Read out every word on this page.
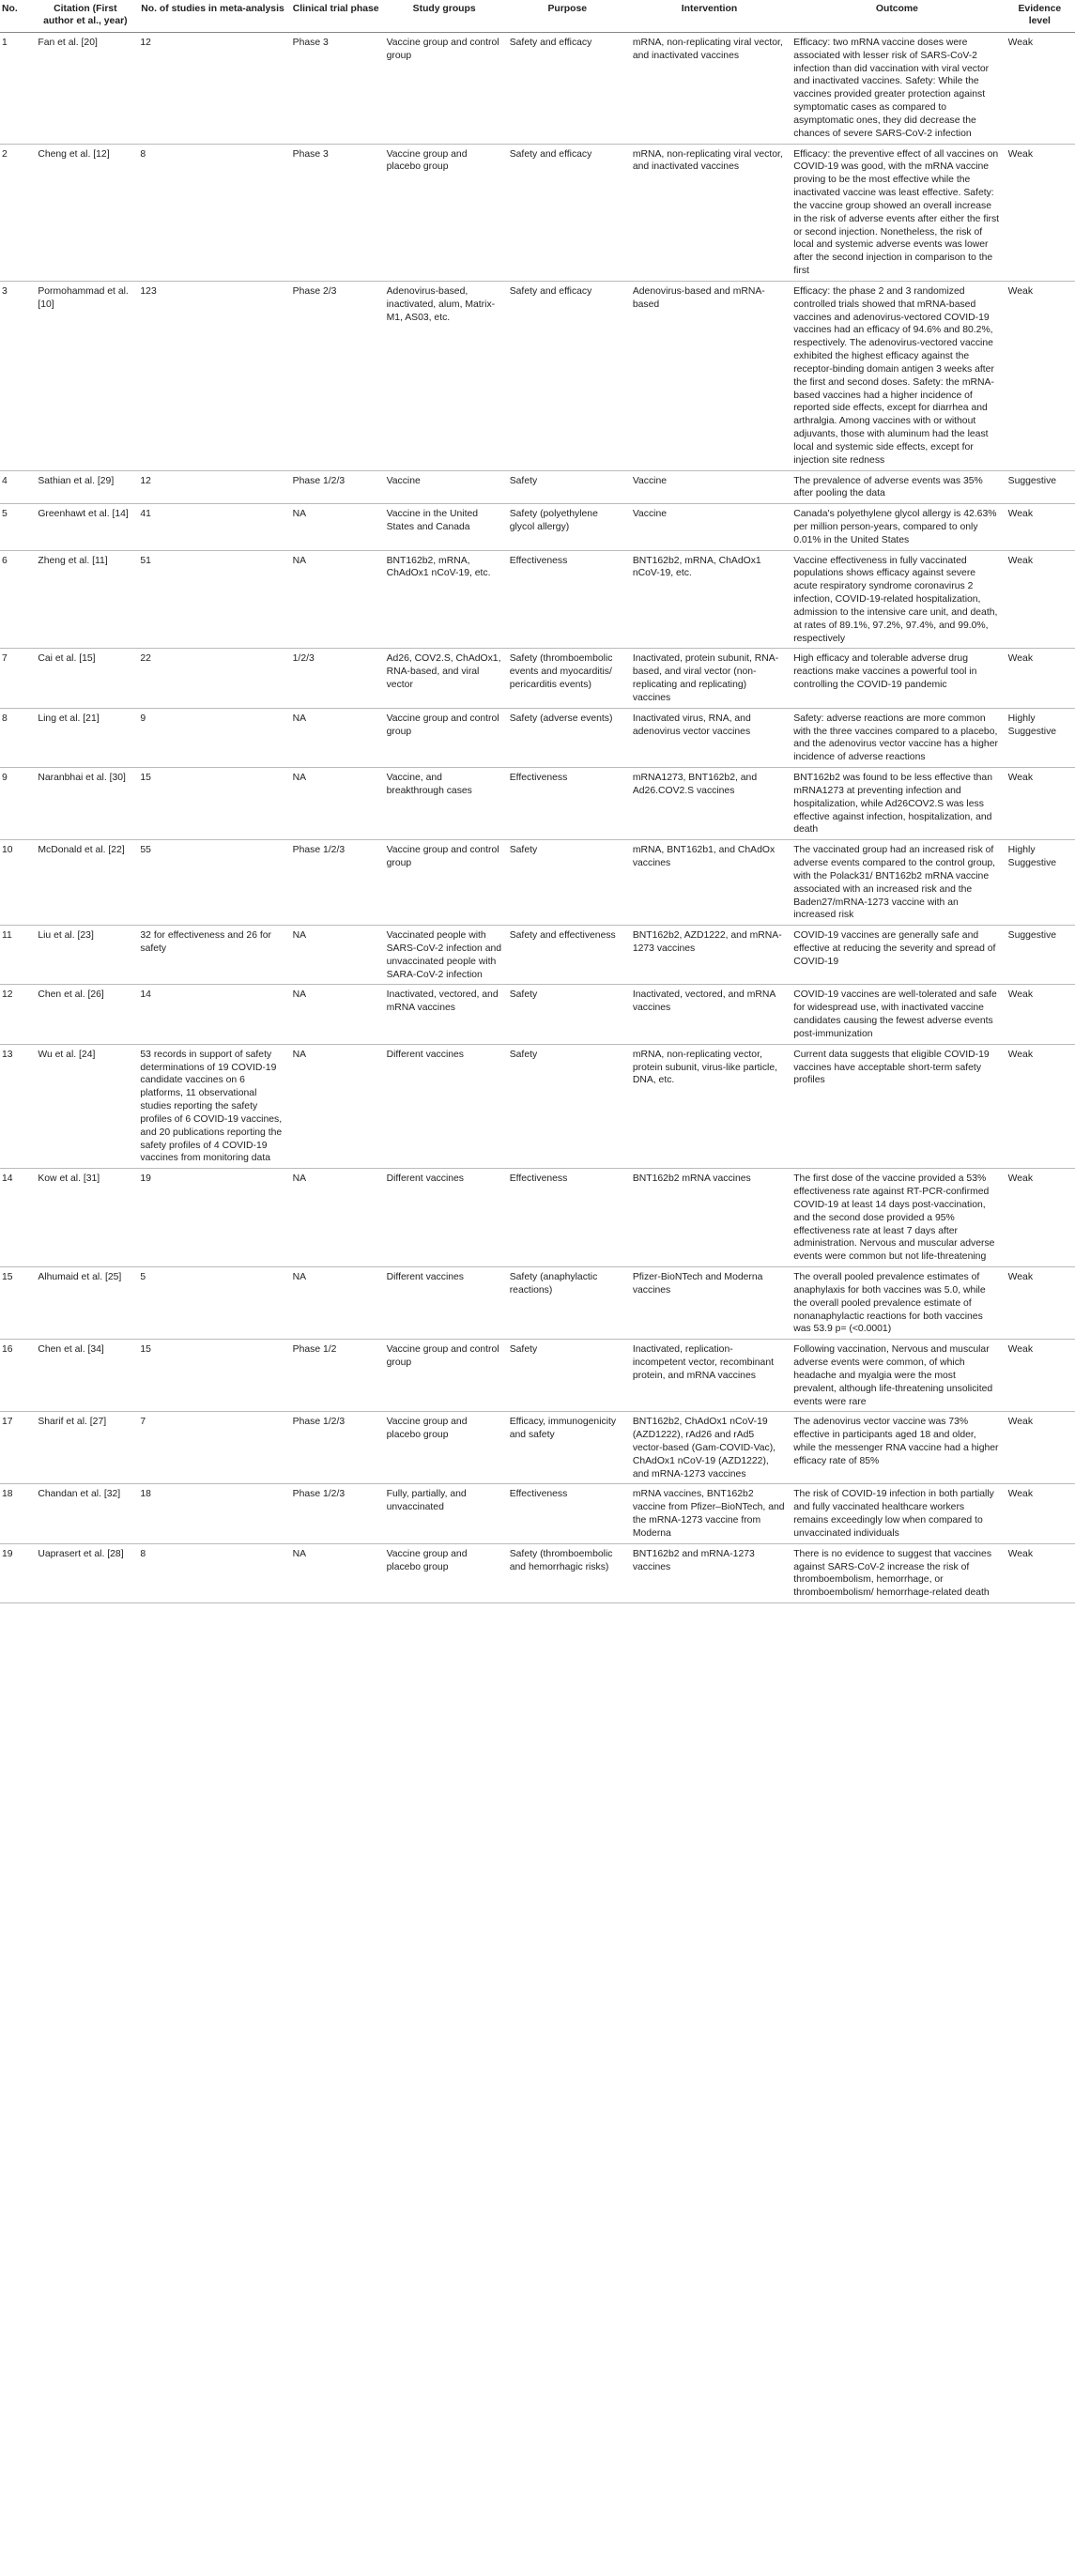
No.	Citation (First author et al., year)	No. of studies in meta-analysis	Clinical trial phase	Study groups	Purpose	Intervention	Outcome	Evidence level
1	Fan et al. [20]	12	Phase 3	Vaccine group and control group	Safety and efficacy	mRNA, non-replicating viral vector, and inactivated vaccines	Efficacy: two mRNA vaccine doses were associated with lesser risk of SARS-CoV-2 infection than did vaccination with viral vector and inactivated vaccines. Safety: While the vaccines provided greater protection against symptomatic cases as compared to asymptomatic ones, they did decrease the chances of severe SARS-CoV-2 infection	Weak
2	Cheng et al. [12]	8	Phase 3	Vaccine group and placebo group	Safety and efficacy	mRNA, non-replicating viral vector, and inactivated vaccines	Efficacy: the preventive effect of all vaccines on COVID-19 was good, with the mRNA vaccine proving to be the most effective while the inactivated vaccine was least effective. Safety: the vaccine group showed an overall increase in the risk of adverse events after either the first or second injection. Nonetheless, the risk of local and systemic adverse events was lower after the second injection in comparison to the first	Weak
3	Pormohammad et al. [10]	123	Phase 2/3	Adenovirus-based, inactivated, alum, Matrix-M1, AS03, etc.	Safety and efficacy	Adenovirus-based and mRNA-based	Efficacy: the phase 2 and 3 randomized controlled trials showed that mRNA-based vaccines and adenovirus-vectored COVID-19 vaccines had an efficacy of 94.6% and 80.2%, respectively. The adenovirus-vectored vaccine exhibited the highest efficacy against the receptor-binding domain antigen 3 weeks after the first and second doses. Safety: the mRNA-based vaccines had a higher incidence of reported side effects, except for diarrhea and arthralgia. Among vaccines with or without adjuvants, those with aluminum had the least local and systemic side effects, except for injection site redness	Weak
4	Sathian et al. [29]	12	Phase 1/2/3	Vaccine	Safety	Vaccine	The prevalence of adverse events was 35% after pooling the data	Suggestive
5	Greenhawt et al. [14]	41	NA	Vaccine in the United States and Canada	Safety (polyethylene glycol allergy)	Vaccine	Canada's polyethylene glycol allergy is 42.63% per million person-years, compared to only 0.01% in the United States	Weak
6	Zheng et al. [11]	51	NA	BNT162b2, mRNA, ChAdOx1 nCoV-19, etc.	Effectiveness	BNT162b2, mRNA, ChAdOx1 nCoV-19, etc.	Vaccine effectiveness in fully vaccinated populations shows efficacy against severe acute respiratory syndrome coronavirus 2 infection, COVID-19-related hospitalization, admission to the intensive care unit, and death, at rates of 89.1%, 97.2%, 97.4%, and 99.0%, respectively	Weak
7	Cai et al. [15]	22	1/2/3	Ad26, COV2.S, ChAdOx1, RNA-based, and viral vector	Safety (thromboembolic events and myocarditis/ pericarditis events)	Inactivated, protein subunit, RNA-based, and viral vector (non-replicating and replicating) vaccines	High efficacy and tolerable adverse drug reactions make vaccines a powerful tool in controlling the COVID-19 pandemic	Weak
8	Ling et al. [21]	9	NA	Vaccine group and control group	Safety (adverse events)	Inactivated virus, RNA, and adenovirus vector vaccines	Safety: adverse reactions are more common with the three vaccines compared to a placebo, and the adenovirus vector vaccine has a higher incidence of adverse reactions	Highly Suggestive
9	Naranbhai et al. [30]	15	NA	Vaccine, and breakthrough cases	Effectiveness	mRNA1273, BNT162b2, and Ad26.COV2.S vaccines	BNT162b2 was found to be less effective than mRNA1273 at preventing infection and hospitalization, while Ad26COV2.S was less effective against infection, hospitalization, and death	Weak
10	McDonald et al. [22]	55	Phase 1/2/3	Vaccine group and control group	Safety	mRNA, BNT162b1, and ChAdOx vaccines	The vaccinated group had an increased risk of adverse events compared to the control group, with the Polack31/ BNT162b2 mRNA vaccine associated with an increased risk and the Baden27/mRNA-1273 vaccine with an increased risk	Highly Suggestive
11	Liu et al. [23]	32 for effectiveness and 26 for safety	NA	Vaccinated people with SARS-CoV-2 infection and unvaccinated people with SARA-CoV-2 infection	Safety and effectiveness	BNT162b2, AZD1222, and mRNA-1273 vaccines	COVID-19 vaccines are generally safe and effective at reducing the severity and spread of COVID-19	Suggestive
12	Chen et al. [26]	14	NA	Inactivated, vectored, and mRNA vaccines	Safety	Inactivated, vectored, and mRNA vaccines	COVID-19 vaccines are well-tolerated and safe for widespread use, with inactivated vaccine candidates causing the fewest adverse events post-immunization	Weak
13	Wu et al. [24]	53 records in support of safety determinations of 19 COVID-19 candidate vaccines on 6 platforms, 11 observational studies reporting the safety profiles of 6 COVID-19 vaccines, and 20 publications reporting the safety profiles of 4 COVID-19 vaccines from monitoring data	NA	Different vaccines	Safety	mRNA, non-replicating vector, protein subunit, virus-like particle, DNA, etc.	Current data suggests that eligible COVID-19 vaccines have acceptable short-term safety profiles	Weak
14	Kow et al. [31]	19	NA	Different vaccines	Effectiveness	BNT162b2 mRNA vaccines	The first dose of the vaccine provided a 53% effectiveness rate against RT-PCR-confirmed COVID-19 at least 14 days post-vaccination, and the second dose provided a 95% effectiveness rate at least 7 days after administration. Nervous and muscular adverse events were common but not life-threatening	Weak
15	Alhumaid et al. [25]	5	NA	Different vaccines	Safety (anaphylactic reactions)	Pfizer-BioNTech and Moderna vaccines	The overall pooled prevalence estimates of anaphylaxis for both vaccines was 5.0, while the overall pooled prevalence estimate of nonanaphylactic reactions for both vaccines was 53.9 p= (<0.0001)	Weak
16	Chen et al. [34]	15	Phase 1/2	Vaccine group and control group	Safety	Inactivated, replication-incompetent vector, recombinant protein, and mRNA vaccines	Following vaccination, Nervous and muscular adverse events were common, of which headache and myalgia were the most prevalent, although life-threatening unsolicited events were rare	Weak
17	Sharif et al. [27]	7	Phase 1/2/3	Vaccine group and placebo group	Efficacy, immunogenicity and safety	BNT162b2, ChAdOx1 nCoV-19 (AZD1222), rAd26 and rAd5 vector-based (Gam-COVID-Vac), ChAdOx1 nCoV-19 (AZD1222), and mRNA-1273 vaccines	The adenovirus vector vaccine was 73% effective in participants aged 18 and older, while the messenger RNA vaccine had a higher efficacy rate of 85%	Weak
18	Chandan et al. [32]	18	Phase 1/2/3	Fully, partially, and unvaccinated	Effectiveness	mRNA vaccines, BNT162b2 vaccine from Pfizer–BioNTech, and the mRNA-1273 vaccine from Moderna	The risk of COVID-19 infection in both partially and fully vaccinated healthcare workers remains exceedingly low when compared to unvaccinated individuals	Weak
19	Uaprasert et al. [28]	8	NA	Vaccine group and placebo group	Safety (thromboembolic and hemorrhagic risks)	BNT162b2 and mRNA-1273 vaccines	There is no evidence to suggest that vaccines against SARS-CoV-2 increase the risk of thromboembolism, hemorrhage, or thromboembolism/ hemorrhage-related death	Weak
